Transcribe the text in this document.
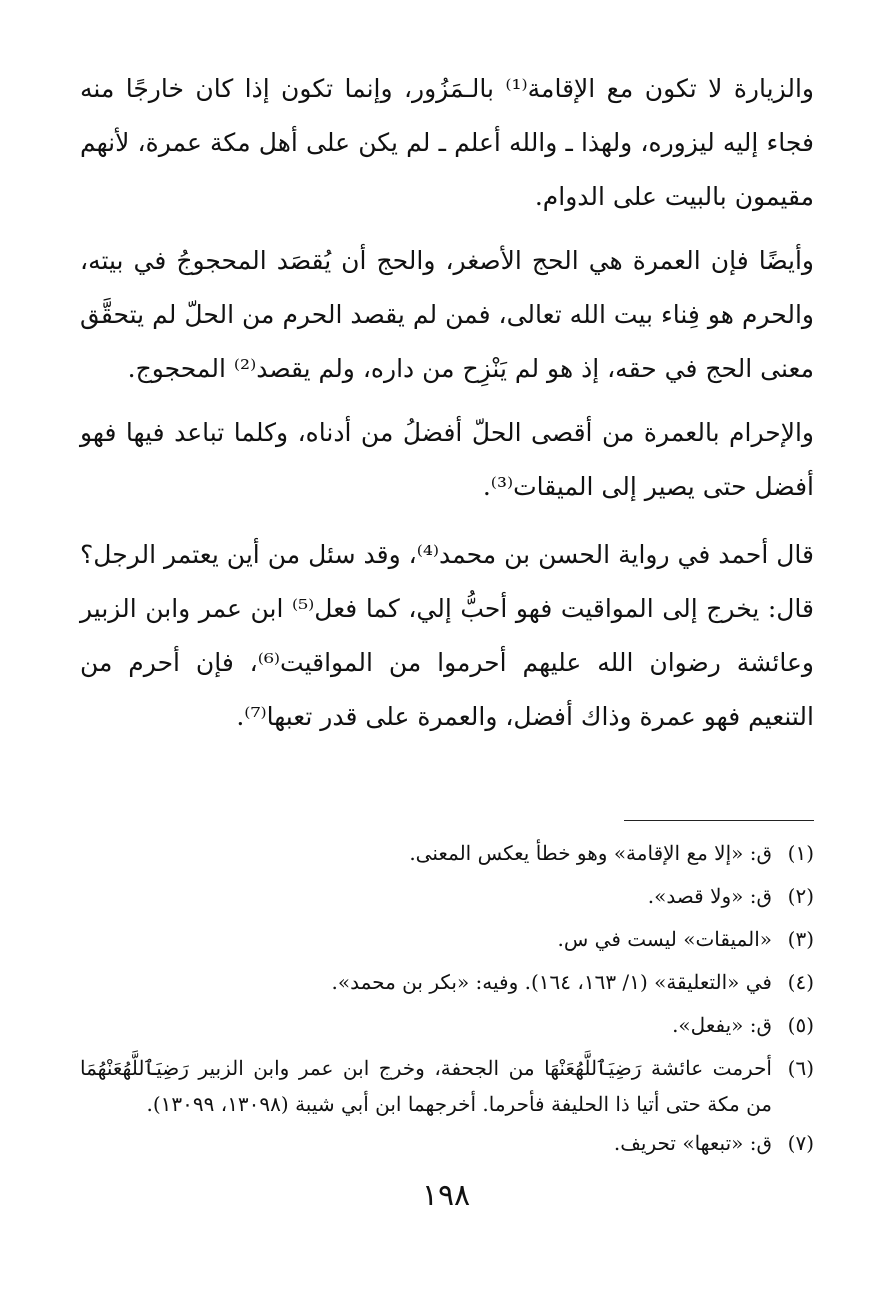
والزيارة لا تكون مع الإقامة⁽¹⁾ بالـمَزُور، وإنما تكون إذا كان خارجًا منه فجاء إليه ليزوره، ولهذا ـ والله أعلم ـ لم يكن على أهل مكة عمرة، لأنهم مقيمون بالبيت على الدوام.

وأيضًا فإن العمرة هي الحج الأصغر، والحج أن يُقصَد المحجوجُ في بيته، والحرم هو فِناء بيت الله تعالى، فمن لم يقصد الحرم من الحلّ لم يتحقَّق معنى الحج في حقه، إذ هو لم يَنْزِح من داره، ولم يقصد⁽²⁾ المحجوج.

والإحرام بالعمرة من أقصى الحلّ أفضلُ من أدناه، وكلما تباعد فيها فهو أفضل حتى يصير إلى الميقات⁽³⁾.

قال أحمد في رواية الحسن بن محمد⁽⁴⁾، وقد سئل من أين يعتمر الرجل؟ قال: يخرج إلى المواقيت فهو أحبُّ إلي، كما فعل⁽⁵⁾ ابن عمر وابن الزبير وعائشة رضوان الله عليهم أحرموا من المواقيت⁽⁶⁾، فإن أحرم من التنعيم فهو عمرة وذاك أفضل، والعمرة على قدر تعبها⁽⁷⁾.

(١)
ق: «إلا مع الإقامة» وهو خطأ يعكس المعنى.
(٢)
ق: «ولا قصد».
(٣)
«الميقات» ليست في س.
(٤)
في «التعليقة» (١/ ١٦٣، ١٦٤). وفيه: «بكر بن محمد».
(٥)
ق: «يفعل».
(٦)
أحرمت عائشة رَضِيَٱللَّهُعَنْهَا من الجحفة، وخرج ابن عمر وابن الزبير رَضِيَٱللَّهُعَنْهُمَا من مكة حتى أتيا ذا الحليفة فأحرما. أخرجهما ابن أبي شيبة (١٣٠٩٨، ١٣٠٩٩).
(٧)
ق: «تبعها» تحريف.
١٩٨
